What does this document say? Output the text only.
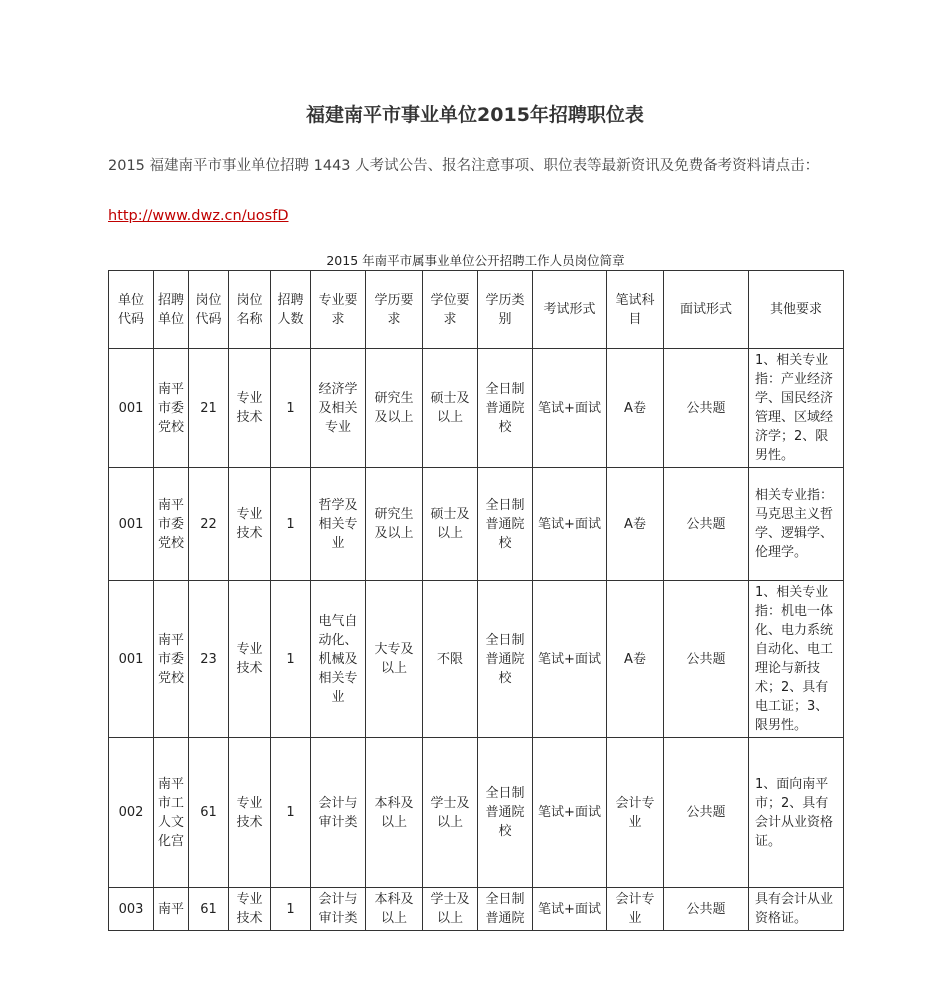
福建南平市事业单位2015年招聘职位表
2015 福建南平市事业单位招聘 1443 人考试公告、报名注意事项、职位表等最新资讯及免费备考资料请点击：
http://www.dwz.cn/uosfD
2015 年南平市属事业单位公开招聘工作人员岗位简章
单位代码	招聘单位	岗位代码	岗位名称	招聘人数	专业要求	学历要求	学位要求	学历类别	考试形式	笔试科目	面试形式	其他要求
001	南平市委党校	21	专业技术	1	经济学及相关专业	研究生及以上	硕士及以上	全日制普通院校	笔试+面试	A卷	公共题	1、相关专业指：产业经济学、国民经济管理、区域经济学；2、限男性。
001	南平市委党校	22	专业技术	1	哲学及相关专业	研究生及以上	硕士及以上	全日制普通院校	笔试+面试	A卷	公共题	相关专业指：马克思主义哲学、逻辑学、伦理学。
001	南平市委党校	23	专业技术	1	电气自动化、机械及相关专业	大专及以上	不限	全日制普通院校	笔试+面试	A卷	公共题	1、相关专业指：机电一体化、电力系统自动化、电工理论与新技术；2、具有电工证；3、限男性。
002	南平市工人文化宫	61	专业技术	1	会计与审计类	本科及以上	学士及以上	全日制普通院校	笔试+面试	会计专业	公共题	1、面向南平市；2、具有会计从业资格证。
003	南平	61	专业技术	1	会计与审计类	本科及以上	学士及以上	全日制普通院	笔试+面试	会计专业	公共题	具有会计从业资格证。
